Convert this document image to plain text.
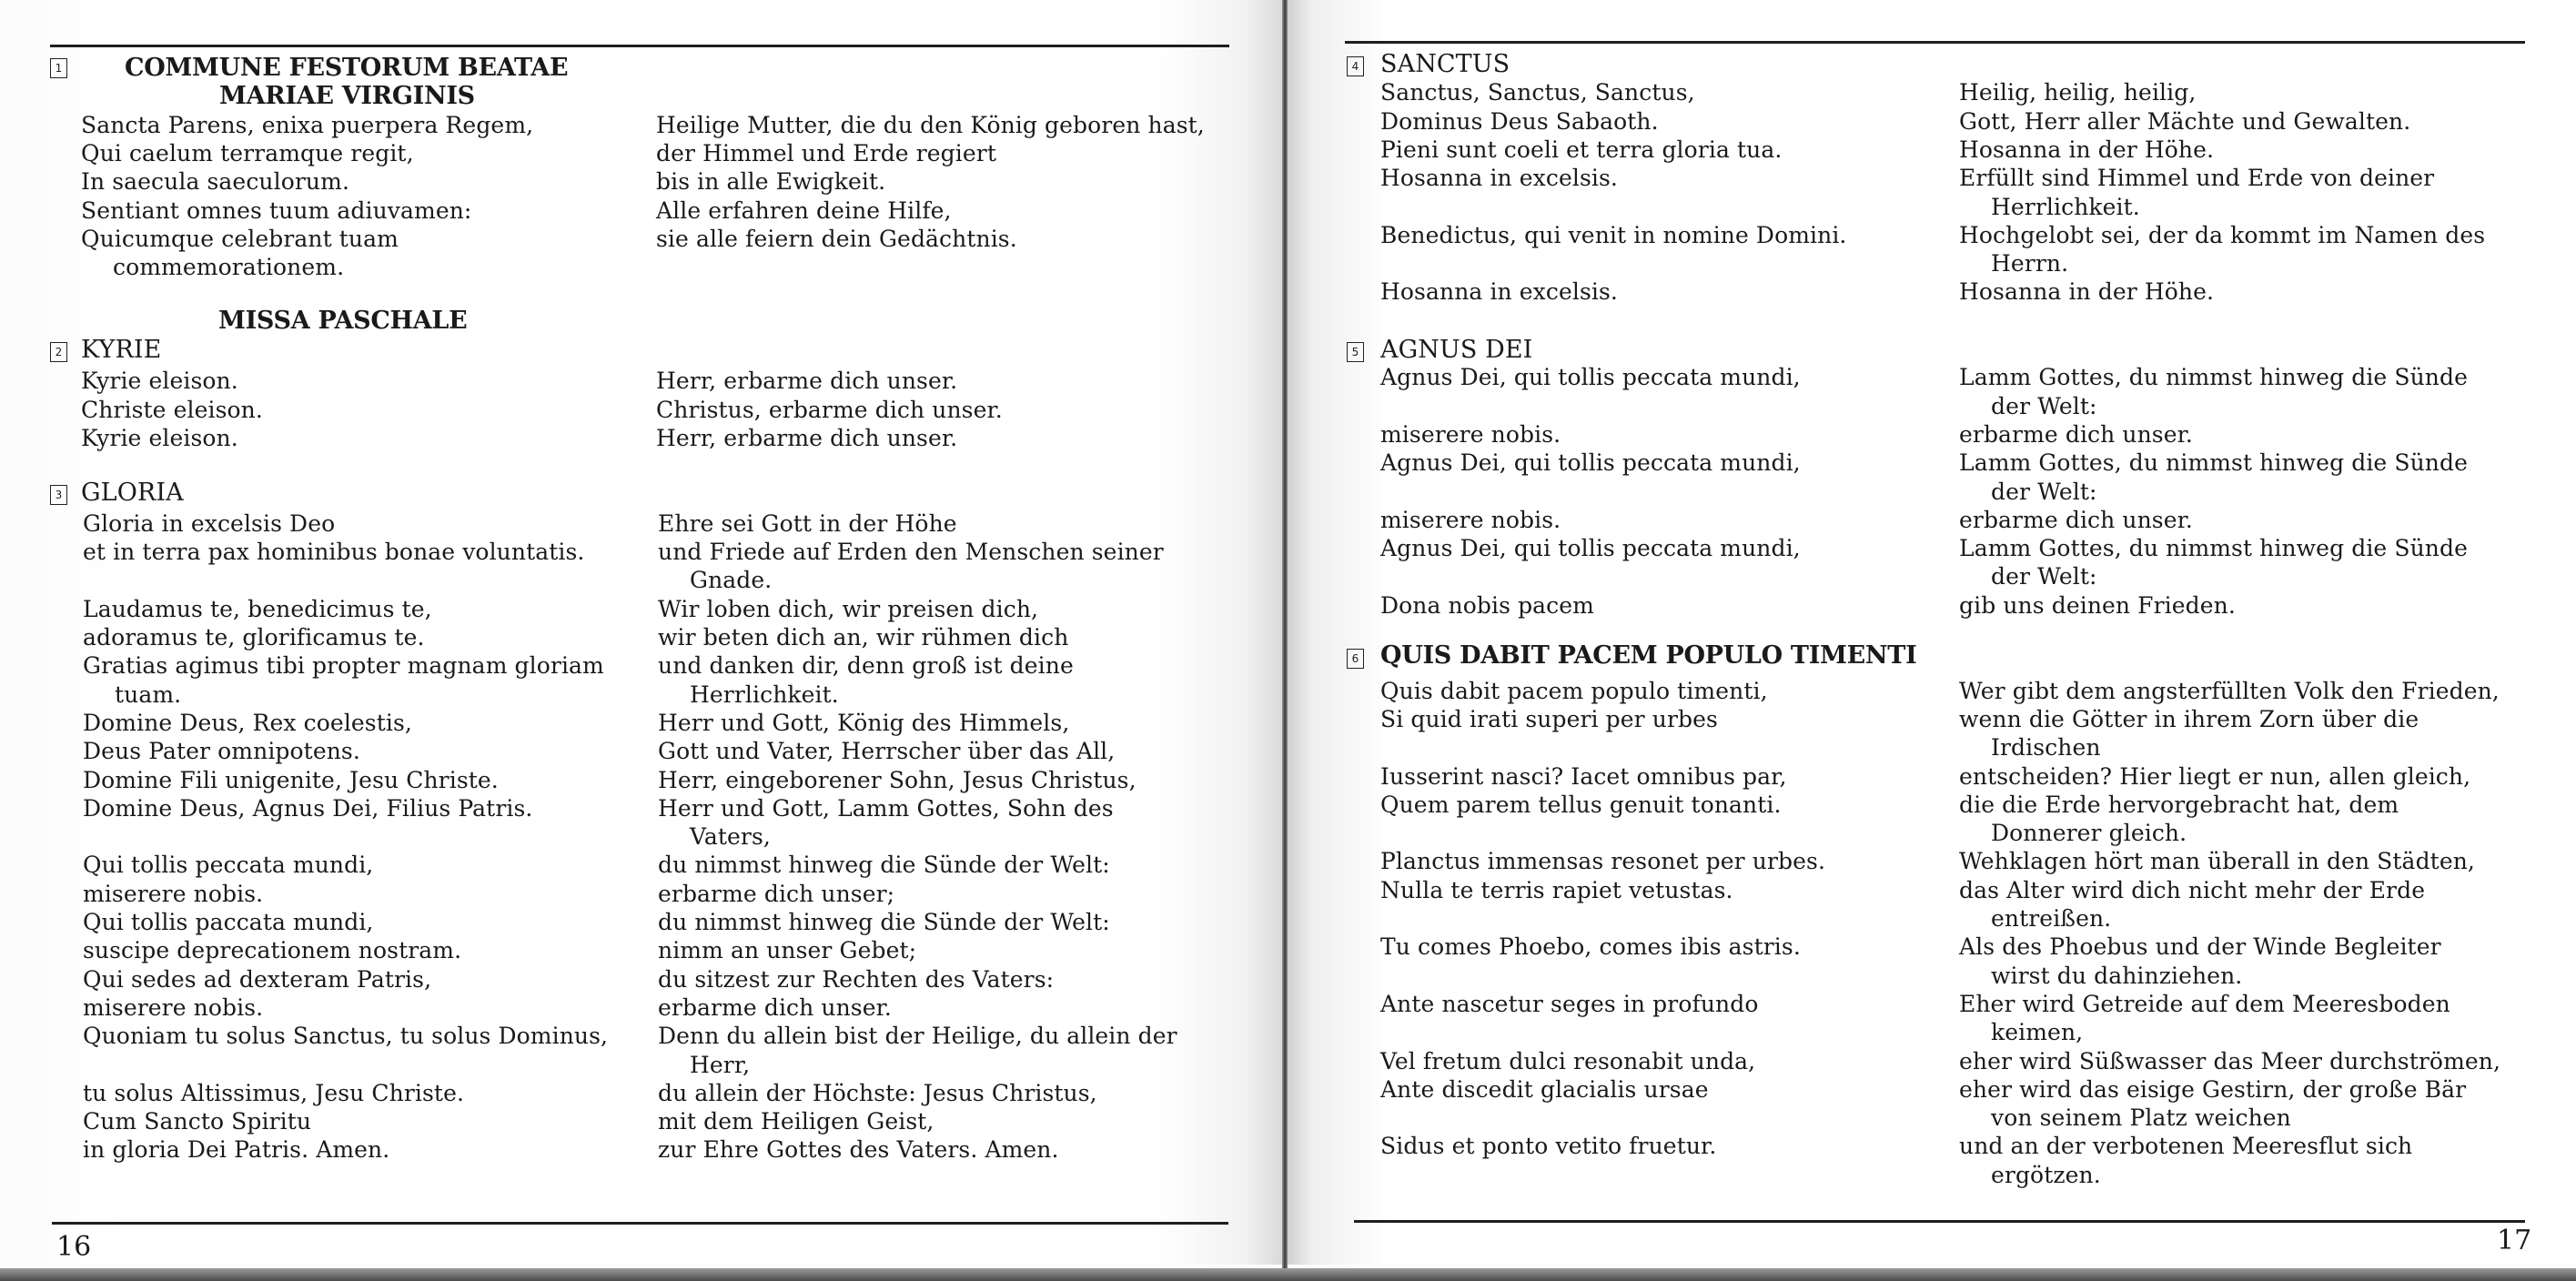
1	COMMUNE FESTORUM BEATAE
MARIAE VIRGINIS
Sancta Parens, enixa puerpera Regem,
Qui caelum terramque regit,
In saecula saeculorum.
Sentiant omnes tuum adiuvamen:
Quicumque celebrant tuam
commemorationem.
Heilige Mutter, die du den König geboren hast,
der Himmel und Erde regiert
bis in alle Ewigkeit.
Alle erfahren deine Hilfe,
sie alle feiern dein Gedächtnis.
MISSA PASCHALE
2 KYRIE
Kyrie eleison.
Christe eleison.
Kyrie eleison.
Herr, erbarme dich unser.
Christus, erbarme dich unser.
Herr, erbarme dich unser.
3 GLORIA
Gloria in excelsis Deo
et in terra pax hominibus bonae voluntatis.
Laudamus te, benedicimus te,
adoramus te, glorificamus te.
Gratias agimus tibi propter magnam gloriam
tuam.
Domine Deus, Rex coelestis,
Deus Pater omnipotens.
Domine Fili unigenite, Jesu Christe.
Domine Deus, Agnus Dei, Filius Patris.
Qui tollis peccata mundi,
miserere nobis.
Qui tollis paccata mundi,
suscipe deprecationem nostram.
Qui sedes ad dexteram Patris,
miserere nobis.
Quoniam tu solus Sanctus, tu solus Dominus,
tu solus Altissimus, Jesu Christe.
Cum Sancto Spiritu
in gloria Dei Patris. Amen.
Ehre sei Gott in der Höhe
und Friede auf Erden den Menschen seiner
Gnade.
Wir loben dich, wir preisen dich,
wir beten dich an, wir rühmen dich
und danken dir, denn groß ist deine
Herrlichkeit.
Herr und Gott, König des Himmels,
Gott und Vater, Herrscher über das All,
Herr, eingeborener Sohn, Jesus Christus,
Herr und Gott, Lamm Gottes, Sohn des
Vaters,
du nimmst hinweg die Sünde der Welt:
erbarme dich unser;
du nimmst hinweg die Sünde der Welt:
nimm an unser Gebet;
du sitzest zur Rechten des Vaters:
erbarme dich unser.
Denn du allein bist der Heilige, du allein der
Herr,
du allein der Höchste: Jesus Christus,
mit dem Heiligen Geist,
zur Ehre Gottes des Vaters. Amen.
16
4 SANCTUS
Sanctus, Sanctus, Sanctus,
Dominus Deus Sabaoth.
Pieni sunt coeli et terra gloria tua.
Hosanna in excelsis.
Benedictus, qui venit in nomine Domini.
Hosanna in excelsis.
Heilig, heilig, heilig,
Gott, Herr aller Mächte und Gewalten.
Hosanna in der Höhe.
Erfüllt sind Himmel und Erde von deiner
Herrlichkeit.
Hochgelobt sei, der da kommt im Namen des
Herrn.
Hosanna in der Höhe.
5 AGNUS DEI
Agnus Dei, qui tollis peccata mundi,
miserere nobis.
Agnus Dei, qui tollis peccata mundi,
miserere nobis.
Agnus Dei, qui tollis peccata mundi,
Dona nobis pacem
Lamm Gottes, du nimmst hinweg die Sünde
der Welt:
erbarme dich unser.
Lamm Gottes, du nimmst hinweg die Sünde
der Welt:
erbarme dich unser.
Lamm Gottes, du nimmst hinweg die Sünde
der Welt:
gib uns deinen Frieden.
6 QUIS DABIT PACEM POPULO TIMENTI
Quis dabit pacem populo timenti,
Si quid irati superi per urbes
Iusserint nasci? Iacet omnibus par,
Quem parem tellus genuit tonanti.
Planctus immensas resonet per urbes.
Nulla te terris rapiet vetustas.
Tu comes Phoebo, comes ibis astris.
Ante nascetur seges in profundo
Vel fretum dulci resonabit unda,
Ante discedit glacialis ursae
Sidus et ponto vetito fruetur.
Wer gibt dem angsterfüllten Volk den Frieden,
wenn die Götter in ihrem Zorn über die
Irdischen
entscheiden? Hier liegt er nun, allen gleich,
die die Erde hervorgebracht hat, dem
Donnerer gleich.
Wehklagen hört man überall in den Städten,
das Alter wird dich nicht mehr der Erde
entreißen.
Als des Phoebus und der Winde Begleiter
wirst du dahinziehen.
Eher wird Getreide auf dem Meeresboden
keimen,
eher wird Süßwasser das Meer durchströmen,
eher wird das eisige Gestirn, der große Bär
von seinem Platz weichen
und an der verbotenen Meeresflut sich
ergötzen.
17
